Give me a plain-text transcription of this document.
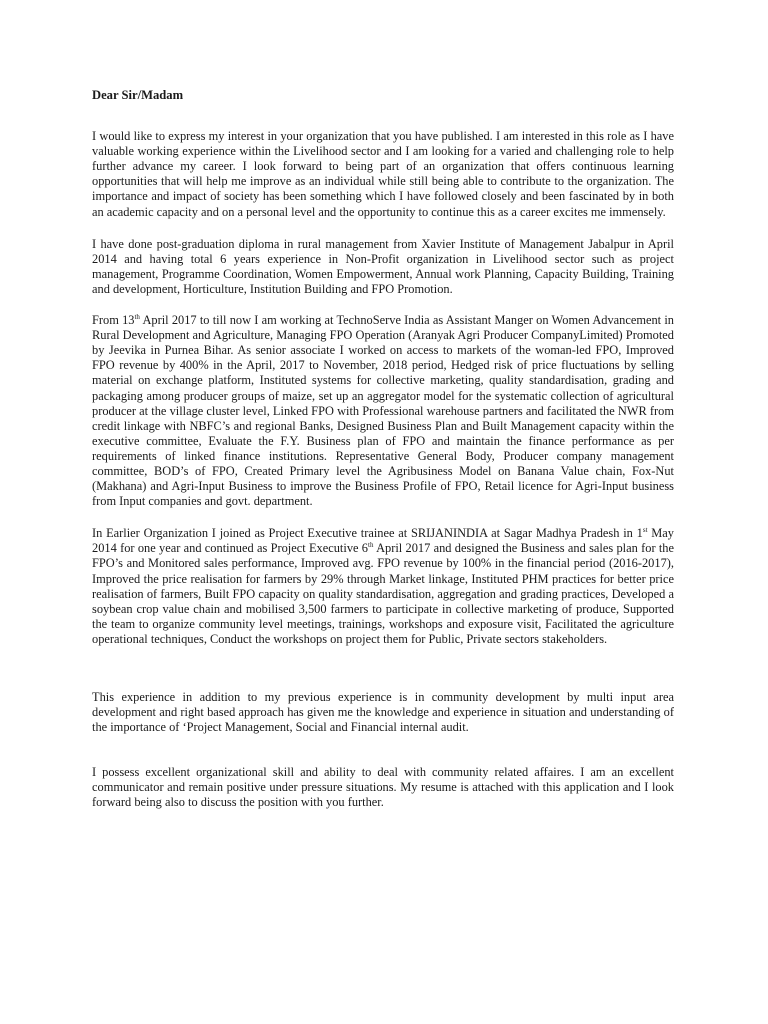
Dear Sir/Madam

I would like to express my interest in your organization that you have published. I am interested in this role as I have valuable working experience within the Livelihood sector and I am looking for a varied and challenging role to help further advance my career. I look forward to being part of an organization that offers continuous learning opportunities that will help me improve as an individual while still being able to contribute to the organization. The importance and impact of society has been something which I have followed closely and been fascinated by in both an academic capacity and on a personal level and the opportunity to continue this as a career excites me immensely.

I have done post-graduation diploma in rural management from Xavier Institute of Management Jabalpur in April 2014 and having total 6 years experience in Non-Profit organization in Livelihood sector such as project management, Programme Coordination, Women Empowerment, Annual work Planning, Capacity Building, Training and development, Horticulture, Institution Building and FPO Promotion.

From 13th April 2017 to till now I am working at TechnoServe India as Assistant Manger on Women Advancement in Rural Development and Agriculture, Managing FPO Operation (Aranyak Agri Producer CompanyLimited) Promoted by Jeevika in Purnea Bihar. As senior associate I worked on access to markets of the woman-led FPO, Improved FPO revenue by 400% in the April, 2017 to November, 2018 period, Hedged risk of price fluctuations by selling material on exchange platform, Instituted systems for collective marketing, quality standardisation, grading and packaging among producer groups of maize, set up an aggregator model for the systematic collection of agricultural producer at the village cluster level, Linked FPO with Professional warehouse partners and facilitated the NWR from credit linkage with NBFC’s and regional Banks, Designed Business Plan and Built Management capacity within the executive committee, Evaluate the F.Y. Business plan of FPO and maintain the finance performance as per requirements of linked finance institutions. Representative General Body, Producer company management committee, BOD’s of FPO, Created Primary level the Agribusiness Model on Banana Value chain, Fox-Nut (Makhana) and Agri-Input Business to improve the Business Profile of FPO, Retail licence for Agri-Input business from Input companies and govt. department.

In Earlier Organization I joined as Project Executive trainee at SRIJANINDIA at Sagar Madhya Pradesh in 1st May 2014 for one year and continued as Project Executive 6th April 2017 and designed the Business and sales plan for the FPO’s and Monitored sales performance, Improved avg. FPO revenue by 100% in the financial period (2016-2017), Improved the price realisation for farmers by 29% through Market linkage, Instituted PHM practices for better price realisation of farmers, Built FPO capacity on quality standardisation, aggregation and grading practices, Developed a soybean crop value chain and mobilised 3,500 farmers to participate in collective marketing of produce, Supported the team to organize community level meetings, trainings, workshops and exposure visit, Facilitated the agriculture operational techniques, Conduct the workshops on project them for Public, Private sectors stakeholders.

This experience in addition to my previous experience is in community development by multi input area development and right based approach has given me the knowledge and experience in situation and understanding of the importance of ‘Project Management, Social and Financial internal audit.

I possess excellent organizational skill and ability to deal with community related affaires. I am an excellent communicator and remain positive under pressure situations. My resume is attached with this application and I look forward being also to discuss the position with you further.
